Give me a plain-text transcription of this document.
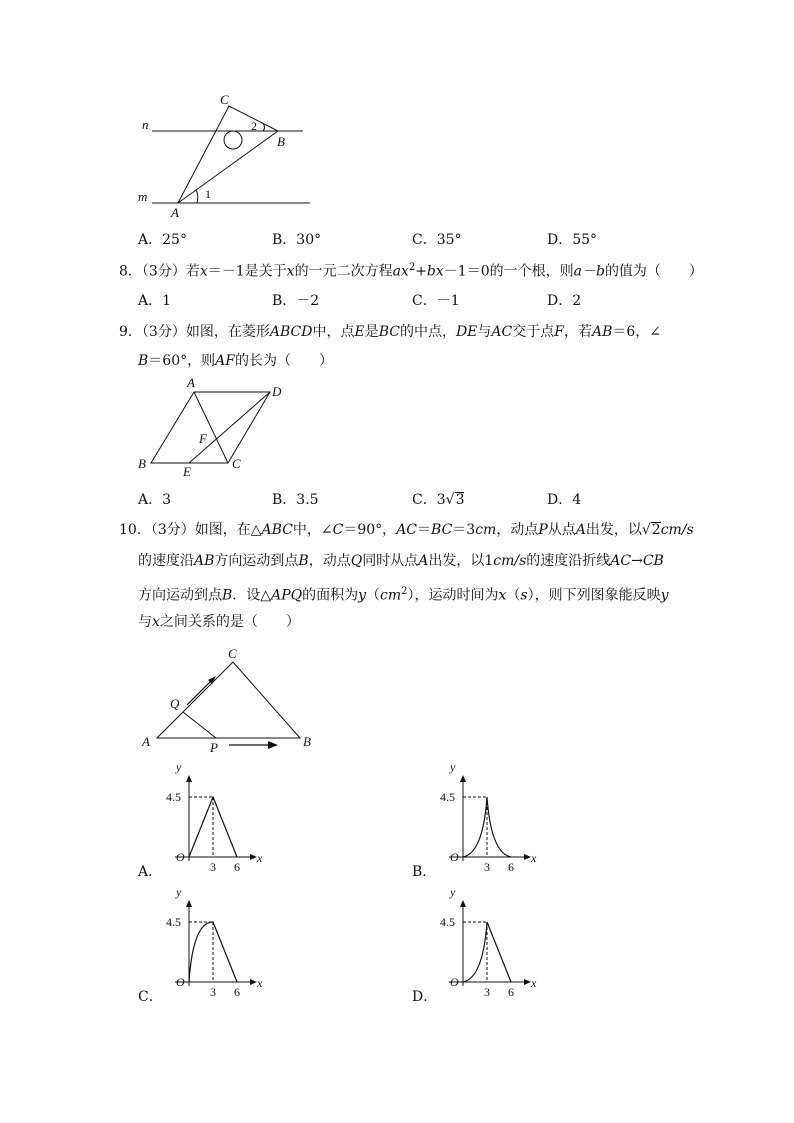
n
m
A
B
C
1
2
A．25°	B．30°	C．35°	D．55°
8．（3分）若x＝－1是关于x的一元二次方程$ax^2+bx-1=0$的一个根，则a－b的值为（　　）
A．1	B．－2	C．－1	D．2
9．（3分）如图，在菱形ABCD中，点E是BC的中点，DE与AC交于点F，若AB＝6，∠
B＝60°，则AF的长为（　　）
A
D
B
E
C
F
A．3	B．3.5	C．3√3	D．4
10．（3分）如图，在△ABC中，∠C＝90°，AC＝BC＝3cm，动点P从点A出发，以√2cm/s
的速度沿AB方向运动到点B，动点Q同时从点A出发，以1cm/s的速度沿折线AC→CB
方向运动到点B．设△APQ的面积为$y(cm^2)$，运动时间为x（s），则下列图象能反映y
与x之间关系的是（　　）
A	B
C
P
Q
y
x
O
4.5
3 6
y
x
O
4.5
3 6
y
x
O
4.5
3 6
y
x
O
4.5
3 6
A．	B．
C．	D．
